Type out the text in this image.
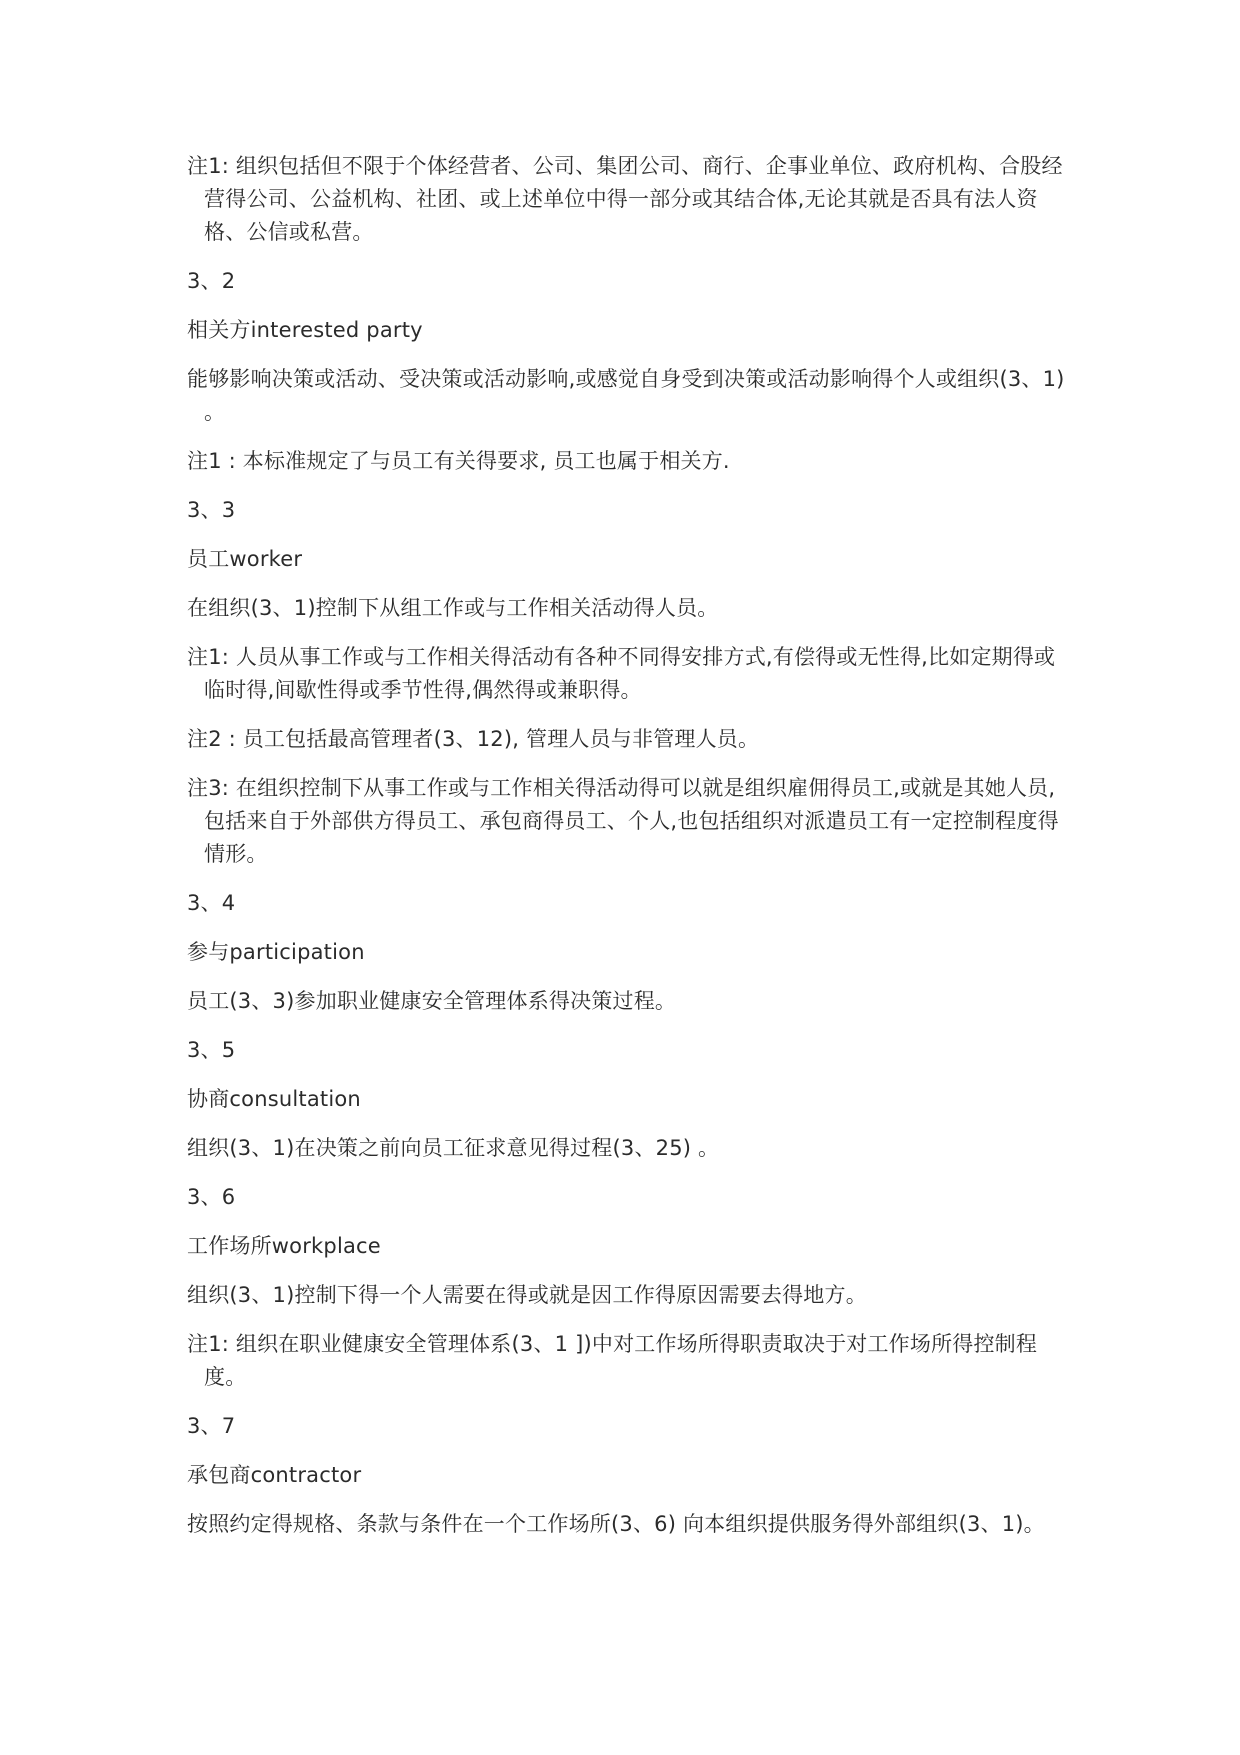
注1: 组织包括但不限于个体经营者、公司、集团公司、商行、企事业单位、政府机构、合股经营得公司、公益机构、社团、或上述单位中得一部分或其结合体,无论其就是否具有法人资格、公信或私营。

3、2

相关方interested party

能够影响决策或活动、受决策或活动影响,或感觉自身受到决策或活动影响得个人或组织(3、1) 。

注1 : 本标准规定了与员工有关得要求, 员工也属于相关方.

3、3

员工worker

在组织(3、1)控制下从组工作或与工作相关活动得人员。

注1: 人员从事工作或与工作相关得活动有各种不同得安排方式,有偿得或无性得,比如定期得或临时得,间歇性得或季节性得,偶然得或兼职得。

注2 : 员工包括最高管理者(3、12), 管理人员与非管理人员。

注3: 在组织控制下从事工作或与工作相关得活动得可以就是组织雇佣得员工,或就是其她人员,包括来自于外部供方得员工、承包商得员工、个人,也包括组织对派遣员工有一定控制程度得情形。

3、4

参与participation

员工(3、3)参加职业健康安全管理体系得决策过程。

3、5

协商consultation

组织(3、1)在决策之前向员工征求意见得过程(3、25) 。

3、6

工作场所workplace

组织(3、1)控制下得一个人需要在得或就是因工作得原因需要去得地方。

注1: 组织在职业健康安全管理体系(3、1 ])中对工作场所得职责取决于对工作场所得控制程度。

3、7

承包商contractor

按照约定得规格、条款与条件在一个工作场所(3、6) 向本组织提供服务得外部组织(3、1)。
